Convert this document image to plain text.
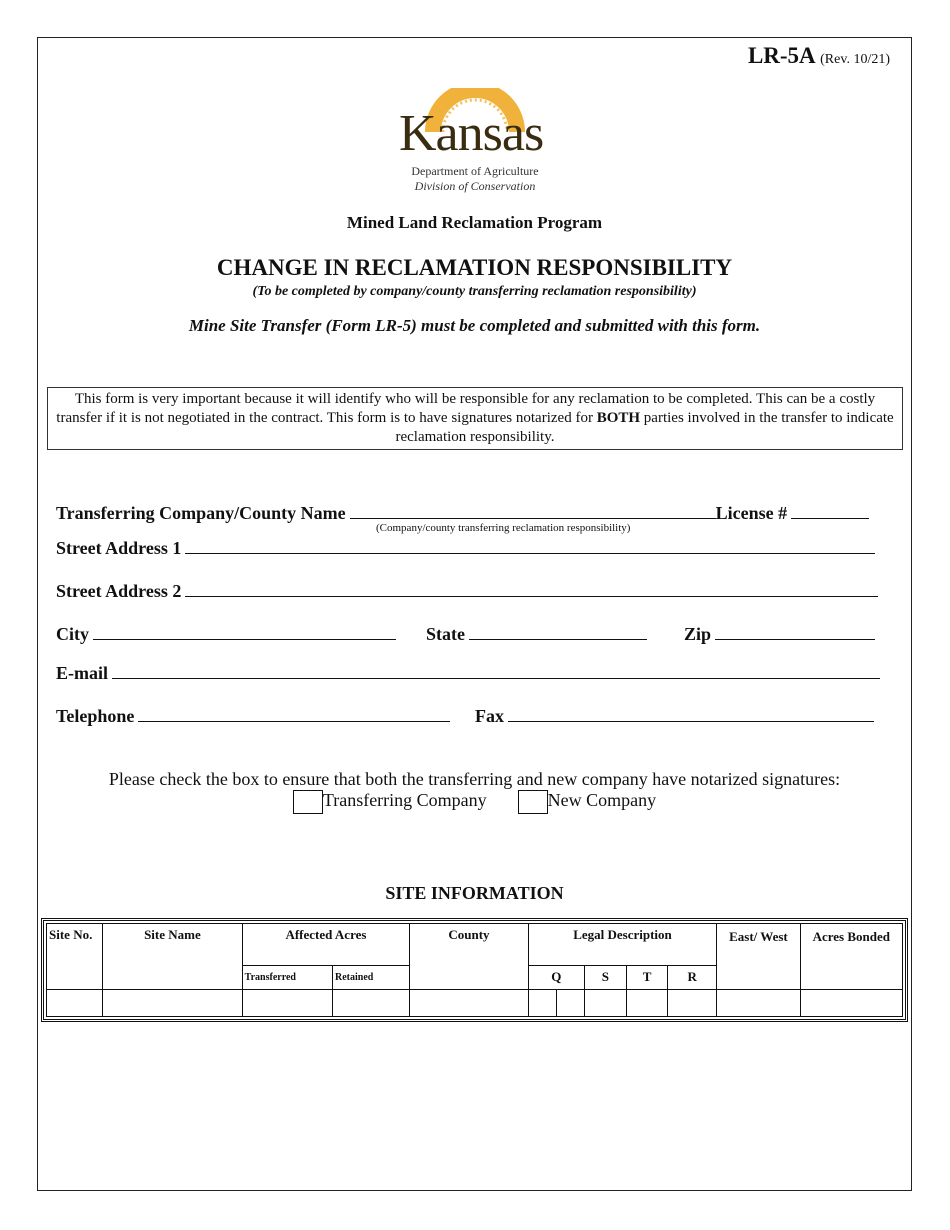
LR-5A (Rev. 10/21)
Kansas
Department of Agriculture
Division of Conservation
Mined Land Reclamation Program
CHANGE IN RECLAMATION RESPONSIBILITY
(To be completed by company/county transferring reclamation responsibility)
Mine Site Transfer (Form LR-5) must be completed and submitted with this form.
This form is very important because it will identify who will be responsible for any reclamation to be completed. This can be a costly transfer if it is not negotiated in the contract. This form is to have signatures notarized for BOTH parties involved in the transfer to indicate reclamation responsibility.
Transferring Company/County Name	License #
(Company/county transferring reclamation responsibility)
Street Address 1
Street Address 2
City	State	Zip
E-mail
Telephone	Fax
Please check the box to ensure that both the transferring and new company have notarized signatures:
Transferring Company	New Company
SITE INFORMATION
Site No.	Site Name	Affected Acres		County	Legal Description					East/ West	Acres Bonded
		Transferred	Retained		Q		S	T	R		
